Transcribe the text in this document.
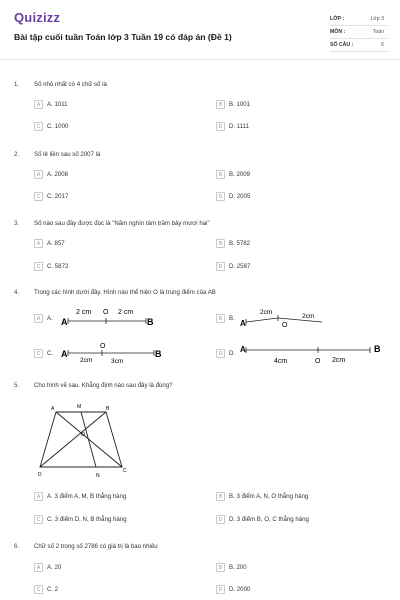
Quizizz
Bài tập cuối tuần Toán lớp 3 Tuần 19 có đáp án (Đề 1)
LỚP :	Lớp 3
MÔN :	Toán
SỐ CÂU :	6
1. Số nhỏ nhất có 4 chữ số là
A	A. 1011	B	B. 1001
C	C. 1000	D	D. 1111
2. Số lẻ liền sau số 2007 là
A	A. 2008	B	B. 2009
C	C. 2017	D	D. 2005
3. Số nào sau đây được đọc là "Năm nghìn tám trăm bảy mươi hai"
A	A. 857	B	B. 5782
C	C. 5872	D	D. 2587
4. Trong các hình dưới đây. Hình nào thể hiện O là trung điểm của AB
A	A.	B	B.
C	C.	D	D.
A	B
O
2 cm	2 cm
A	O
2cm
2cm
A	B
O
2cm	3cm
A	B
O
4cm	2cm
5. Cho hình vẽ sau. Khẳng định nào sau đây là đúng?
A	M	B
O
D	N
C
A	A. 3 điểm A, M, B thẳng hàng	B	B. 3 điểm A, N, O thẳng hàng
C	C. 3 điểm D, N, B thẳng hàng	D	D. 3 điểm B, O, C thẳng hàng
6. Chữ số 2 trong số 2786 có giá trị là bao nhiêu
A	A. 20	B	B. 200
C	C. 2	D	D. 2000
